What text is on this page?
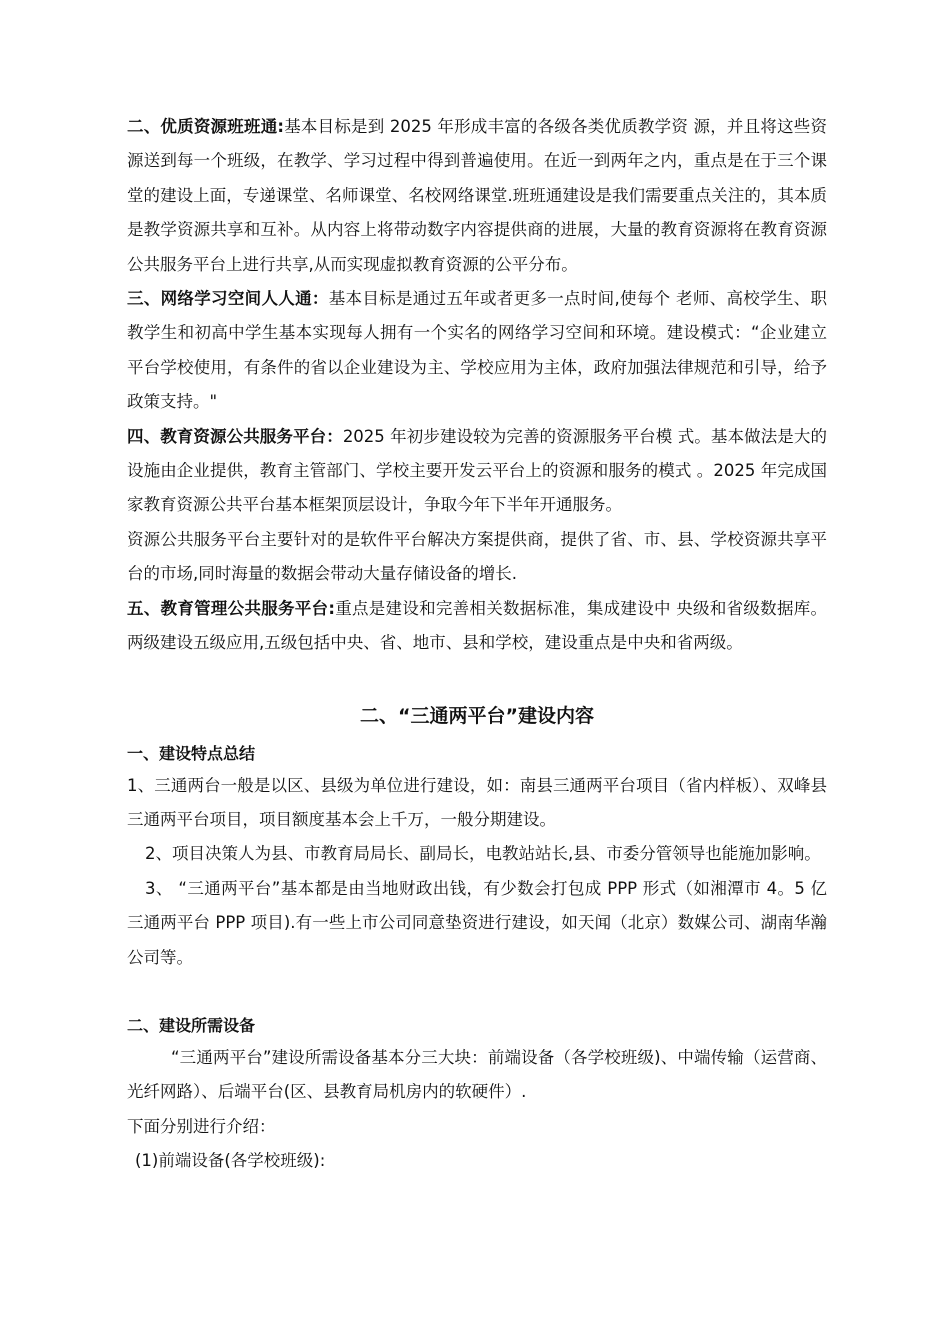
二、优质资源班班通:基本目标是到 2025 年形成丰富的各级各类优质教学资 源，并且将这些资源送到每一个班级，在教学、学习过程中得到普遍使用。在近一到两年之内，重点是在于三个课堂的建设上面，专递课堂、名师课堂、名校网络课堂.班班通建设是我们需要重点关注的，其本质是教学资源共享和互补。从内容上将带动数字内容提供商的进展，大量的教育资源将在教育资源公共服务平台上进行共享,从而实现虚拟教育资源的公平分布。

三、网络学习空间人人通：基本目标是通过五年或者更多一点时间,使每个 老师、高校学生、职教学生和初高中学生基本实现每人拥有一个实名的网络学习空间和环境。建设模式：“企业建立平台学校使用，有条件的省以企业建设为主、学校应用为主体，政府加强法律规范和引导，给予政策支持。"

四、教育资源公共服务平台：2025 年初步建设较为完善的资源服务平台模 式。基本做法是大的设施由企业提供，教育主管部门、学校主要开发云平台上的资源和服务的模式 。2025 年完成国家教育资源公共平台基本框架顶层设计，争取今年下半年开通服务。

资源公共服务平台主要针对的是软件平台解决方案提供商，提供了省、市、县、学校资源共享平台的市场,同时海量的数据会带动大量存储设备的增长.

五、教育管理公共服务平台:重点是建设和完善相关数据标准，集成建设中 央级和省级数据库。两级建设五级应用,五级包括中央、省、地市、县和学校，建设重点是中央和省两级。

二、“三通两平台”建设内容

一、建设特点总结

1、三通两台一般是以区、县级为单位进行建设，如：南县三通两平台项目（省内样板）、双峰县三通两平台项目，项目额度基本会上千万，一般分期建设。

2、项目决策人为县、市教育局局长、副局长，电教站站长,县、市委分管领导也能施加影响。

3、 “三通两平台”基本都是由当地财政出钱，有少数会打包成 PPP 形式（如湘潭市 4。5 亿三通两平台 PPP 项目).有一些上市公司同意垫资进行建设，如天闻（北京）数媒公司、湖南华瀚公司等。

二、建设所需设备

“三通两平台”建设所需设备基本分三大块：前端设备（各学校班级)、中端传输（运营商、光纤网路）、后端平台(区、县教育局机房内的软硬件）.

下面分别进行介绍：

(1)前端设备(各学校班级):
